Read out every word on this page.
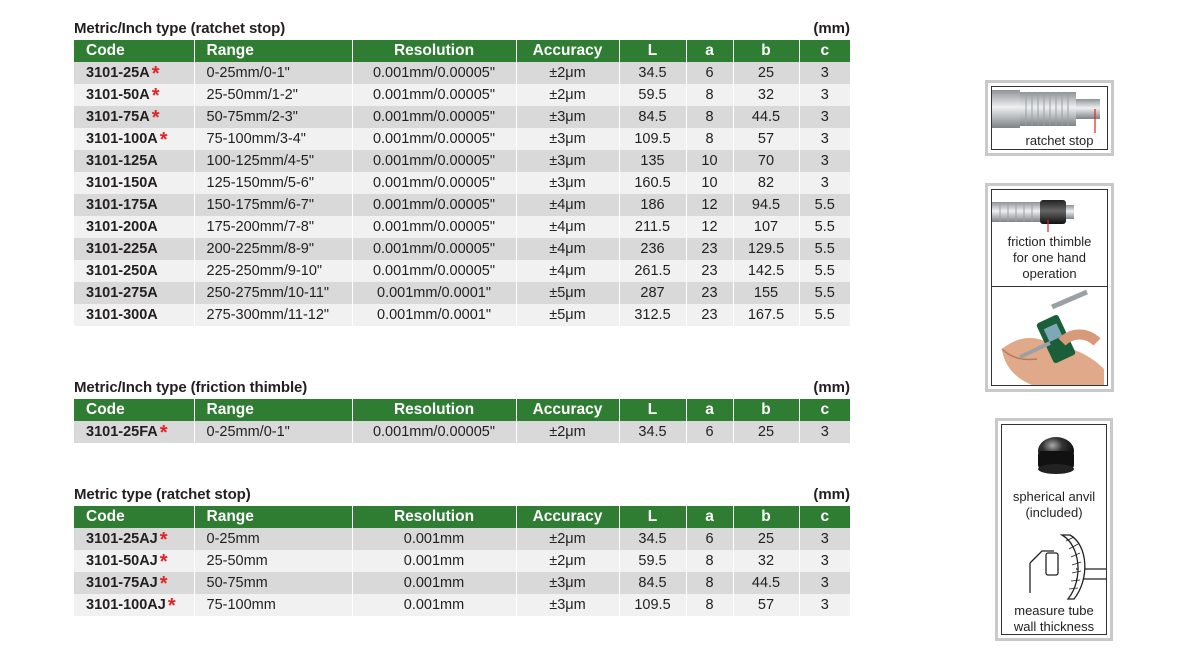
Metric/Inch type (ratchet stop)	(mm)
Code	Range	Resolution	Accuracy	L	a	b	c
3101-25A *	0-25mm/0-1"	0.001mm/0.00005"	±2μm	34.5	6	25	3
3101-50A *	25-50mm/1-2"	0.001mm/0.00005"	±2μm	59.5	8	32	3
3101-75A *	50-75mm/2-3"	0.001mm/0.00005"	±3μm	84.5	8	44.5	3
3101-100A *	75-100mm/3-4"	0.001mm/0.00005"	±3μm	109.5	8	57	3
3101-125A	100-125mm/4-5"	0.001mm/0.00005"	±3μm	135	10	70	3
3101-150A	125-150mm/5-6"	0.001mm/0.00005"	±3μm	160.5	10	82	3
3101-175A	150-175mm/6-7"	0.001mm/0.00005"	±4μm	186	12	94.5	5.5
3101-200A	175-200mm/7-8"	0.001mm/0.00005"	±4μm	211.5	12	107	5.5
3101-225A	200-225mm/8-9"	0.001mm/0.00005"	±4μm	236	23	129.5	5.5
3101-250A	225-250mm/9-10"	0.001mm/0.00005"	±4μm	261.5	23	142.5	5.5
3101-275A	250-275mm/10-11"	0.001mm/0.0001"	±5μm	287	23	155	5.5
3101-300A	275-300mm/11-12"	0.001mm/0.0001"	±5μm	312.5	23	167.5	5.5
Metric/Inch type (friction thimble)	(mm)
Code	Range	Resolution	Accuracy	L	a	b	c
3101-25FA *	0-25mm/0-1"	0.001mm/0.00005"	±2μm	34.5	6	25	3
Metric type (ratchet stop)	(mm)
Code	Range	Resolution	Accuracy	L	a	b	c
3101-25AJ *	0-25mm	0.001mm	±2μm	34.5	6	25	3
3101-50AJ *	25-50mm	0.001mm	±2μm	59.5	8	32	3
3101-75AJ *	50-75mm	0.001mm	±3μm	84.5	8	44.5	3
3101-100AJ *	75-100mm	0.001mm	±3μm	109.5	8	57	3
ratchet stop
friction thimble
for one hand
operation
spherical anvil
(included)
measure tube
wall thickness
